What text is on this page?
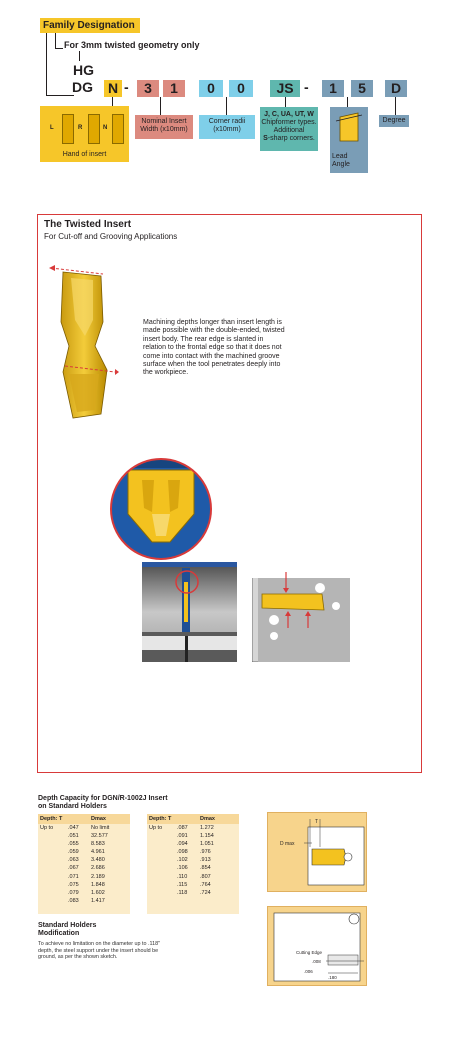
Family Designation
For 3mm twisted geometry only
HG
DG N -	3	1	0	0	JS -	1	5	D
L	R	N
Hand of insert
Nominal Insert Width (x10mm)
Corner radii (x10mm)
J, C, UA, UT, W
Chipformer types. Additional
S-sharp corners.
Lead Angle
Degree
The Twisted Insert
For Cut-off and Grooving Applications
Machining depths longer than insert length is made possible with the double-ended, twisted insert body. The rear edge is slanted in relation to the frontal edge so that it does not come into contact with the machined groove surface when the tool penetrates deeply into the workpiece.
Depth Capacity for DGN/R-1002J Insert
on Standard Holders
Depth: T	Dmax
Up to	.047 No limit
.051 32.577
.055 8.583
.059 4.961
.063 3.480
.067 2.686
.071 2.189
.075 1.848
.079 1.602
.083 1.417
Depth: T	Dmax
Up to	.087 1.272
.091 1.154
.094 1.051
.098 .976
.102 .913
.106 .854
.110 .807
.115 .764
.118 .724
Standard Holders
Modification
To achieve no limitation on the diameter up to .118" depth, the steel support under the insert should be ground, as per the shown sketch.
T
D max
Cutting Edge
.008
.006
.180
